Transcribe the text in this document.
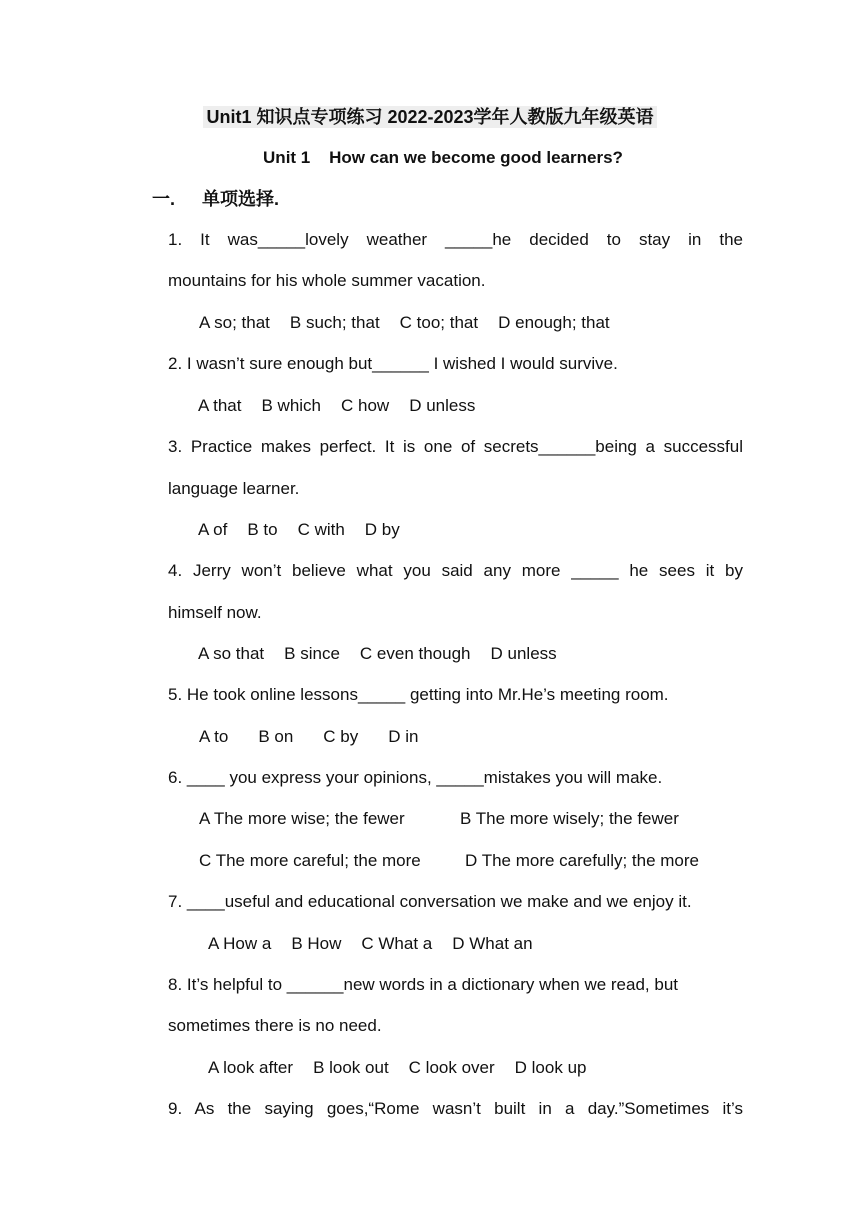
Unit1 知识点专项练习 2022-2023学年人教版九年级英语
Unit 1    How can we become good learners?
一. 单项选择.
1. It was_____lovely weather _____he decided to stay in the
mountains for his whole summer vacation.
A so; that B such; that C too; that D enough; that
2. I wasn’t sure enough but______ I wished I would survive.
A that B which C how D unless
3. Practice makes perfect. It is one of secrets______being a successful
language learner.
A of B to C with D by
4. Jerry won’t believe what you said any more _____ he sees it by
himself now.
A so that B since C even though D unless
5. He took online lessons_____ getting into Mr.He’s meeting room.
A to B on C by D in
6. ____ you express your opinions, _____mistakes you will make.
A The more wise; the fewer	B The more wisely; the fewer
C The more careful; the more	D The more carefully; the more
7. ____useful and educational conversation we make and we enjoy it.
A How a B How C What a D What an
8. It’s helpful to ______new words in a dictionary when we read, but
sometimes there is no need.
A look after B look out C look over D look up
9. As the saying goes,“Rome wasn’t built in a day.”Sometimes it’s
